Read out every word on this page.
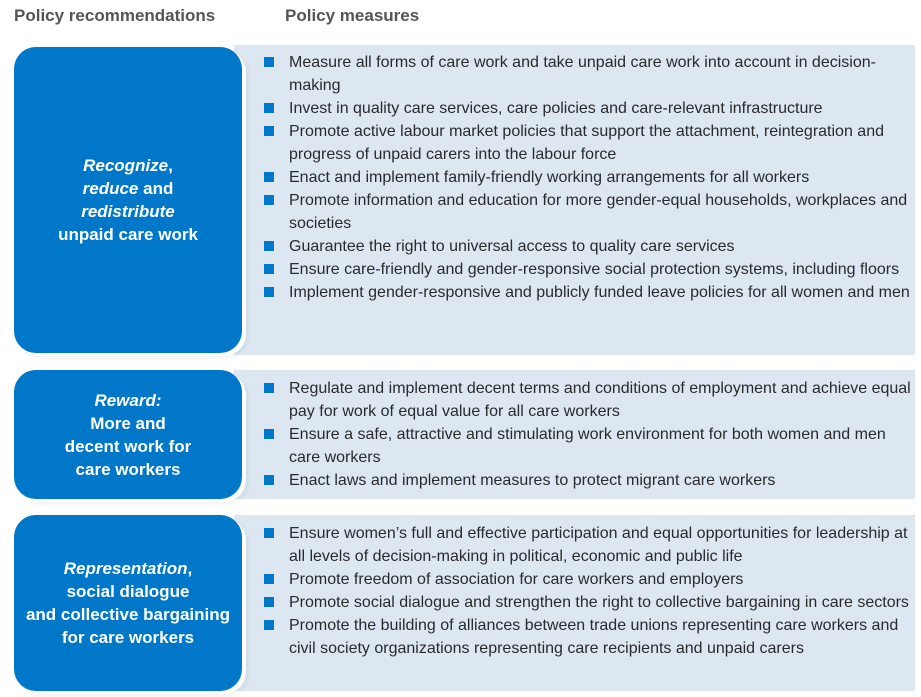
Policy recommendations	Policy measures
Recognize,
reduce and
redistribute
unpaid care work
Measure all forms of care work and take unpaid care work into account in decision-making
Invest in quality care services, care policies and care-relevant infrastructure
Promote active labour market policies that support the attachment, reintegration and progress of unpaid carers into the labour force
Enact and implement family-friendly working arrangements for all workers
Promote information and education for more gender-equal households, workplaces and societies
Guarantee the right to universal access to quality care services
Ensure care-friendly and gender-responsive social protection systems, including floors
Implement gender-responsive and publicly funded leave policies for all women and men
Reward:
More and
decent work for
care workers
Regulate and implement decent terms and conditions of employment and achieve equal pay for work of equal value for all care workers
Ensure a safe, attractive and stimulating work environment for both women and men care workers
Enact laws and implement measures to protect migrant care workers
Representation,
social dialogue
and collective bargaining
for care workers
Ensure women’s full and effective participation and equal opportunities for leadership at all levels of decision-making in political, economic and public life
Promote freedom of association for care workers and employers
Promote social dialogue and strengthen the right to collective bargaining in care sectors
Promote the building of alliances between trade unions representing care workers and civil society organizations representing care recipients and unpaid carers
